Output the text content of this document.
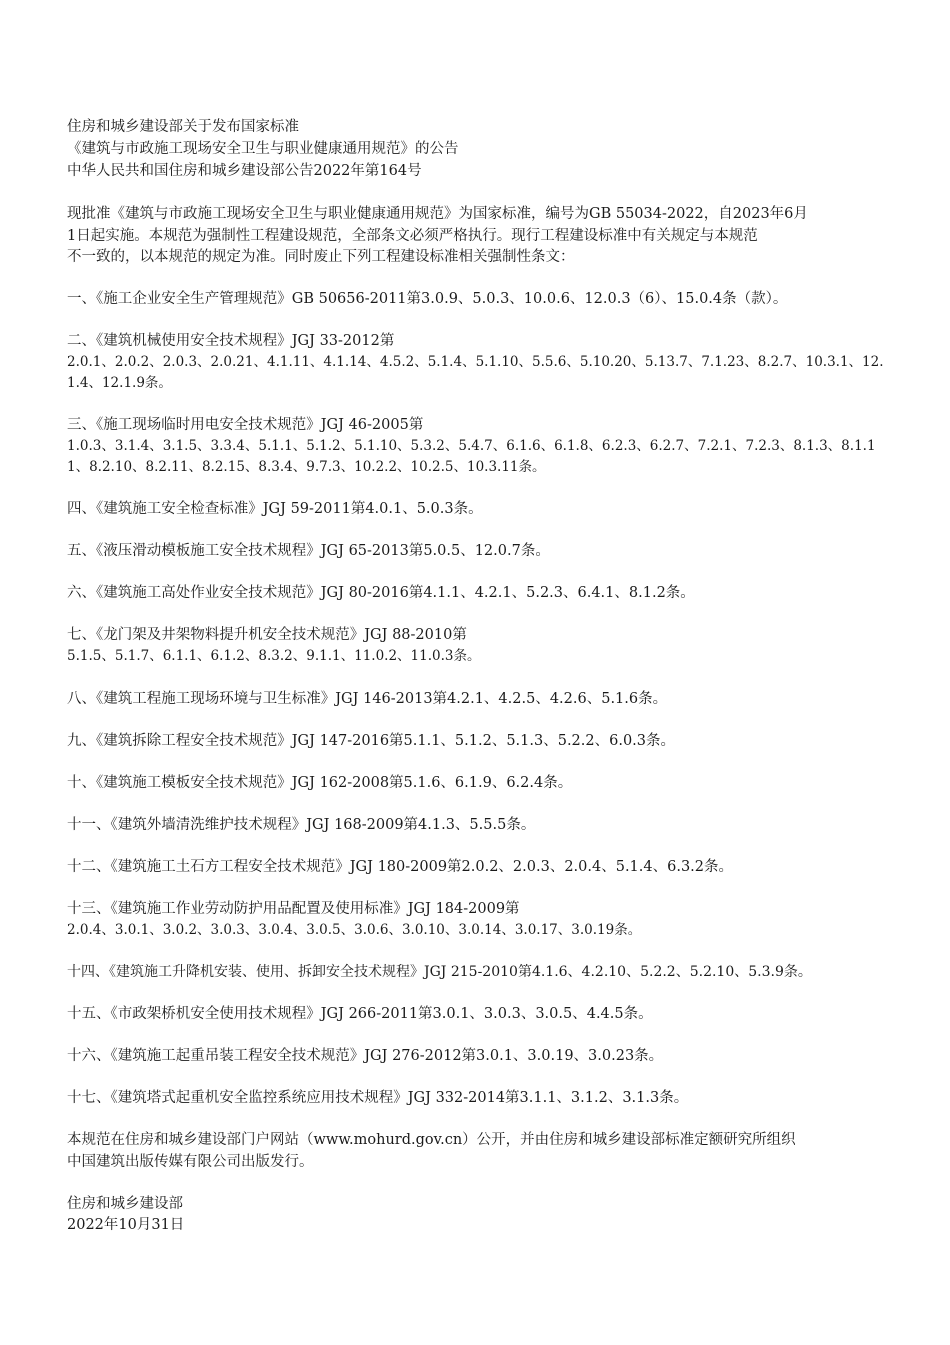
住房和城乡建设部关于发布国家标准
《建筑与市政施工现场安全卫生与职业健康通用规范》的公告
中华人民共和国住房和城乡建设部公告2022年第164号
现批准《建筑与市政施工现场安全卫生与职业健康通用规范》为国家标准，编号为GB 55034-2022，自2023年6月
1日起实施。本规范为强制性工程建设规范，全部条文必须严格执行。现行工程建设标准中有关规定与本规范
不一致的，以本规范的规定为准。同时废止下列工程建设标准相关强制性条文：
一、《施工企业安全生产管理规范》GB 50656-2011第3.0.9、5.0.3、10.0.6、12.0.3（6）、15.0.4条（款）。
二、《建筑机械使用安全技术规程》JGJ 33-2012第
2.0.1、2.0.2、2.0.3、2.0.21、4.1.11、4.1.14、4.5.2、5.1.4、5.1.10、5.5.6、5.10.20、5.13.7、7.1.23、8.2.7、10.3.1、12.
1.4、12.1.9条。
三、《施工现场临时用电安全技术规范》JGJ 46-2005第
1.0.3、3.1.4、3.1.5、3.3.4、5.1.1、5.1.2、5.1.10、5.3.2、5.4.7、6.1.6、6.1.8、6.2.3、6.2.7、7.2.1、7.2.3、8.1.3、8.1.1
1、8.2.10、8.2.11、8.2.15、8.3.4、9.7.3、10.2.2、10.2.5、10.3.11条。
四、《建筑施工安全检查标准》JGJ 59-2011第4.0.1、5.0.3条。
五、《液压滑动模板施工安全技术规程》JGJ 65-2013第5.0.5、12.0.7条。
六、《建筑施工高处作业安全技术规范》JGJ 80-2016第4.1.1、4.2.1、5.2.3、6.4.1、8.1.2条。
七、《龙门架及井架物料提升机安全技术规范》JGJ 88-2010第
5.1.5、5.1.7、6.1.1、6.1.2、8.3.2、9.1.1、11.0.2、11.0.3条。
八、《建筑工程施工现场环境与卫生标准》JGJ 146-2013第4.2.1、4.2.5、4.2.6、5.1.6条。
九、《建筑拆除工程安全技术规范》JGJ 147-2016第5.1.1、5.1.2、5.1.3、5.2.2、6.0.3条。
十、《建筑施工模板安全技术规范》JGJ 162-2008第5.1.6、6.1.9、6.2.4条。
十一、《建筑外墙清洗维护技术规程》JGJ 168-2009第4.1.3、5.5.5条。
十二、《建筑施工土石方工程安全技术规范》JGJ 180-2009第2.0.2、2.0.3、2.0.4、5.1.4、6.3.2条。
十三、《建筑施工作业劳动防护用品配置及使用标准》JGJ 184-2009第
2.0.4、3.0.1、3.0.2、3.0.3、3.0.4、3.0.5、3.0.6、3.0.10、3.0.14、3.0.17、3.0.19条。
十四、《建筑施工升降机安装、使用、拆卸安全技术规程》JGJ 215-2010第4.1.6、4.2.10、5.2.2、5.2.10、5.3.9条。
十五、《市政架桥机安全使用技术规程》JGJ 266-2011第3.0.1、3.0.3、3.0.5、4.4.5条。
十六、《建筑施工起重吊装工程安全技术规范》JGJ 276-2012第3.0.1、3.0.19、3.0.23条。
十七、《建筑塔式起重机安全监控系统应用技术规程》JGJ 332-2014第3.1.1、3.1.2、3.1.3条。
本规范在住房和城乡建设部门户网站（www.mohurd.gov.cn）公开，并由住房和城乡建设部标准定额研究所组织
中国建筑出版传媒有限公司出版发行。
住房和城乡建设部
2022年10月31日
